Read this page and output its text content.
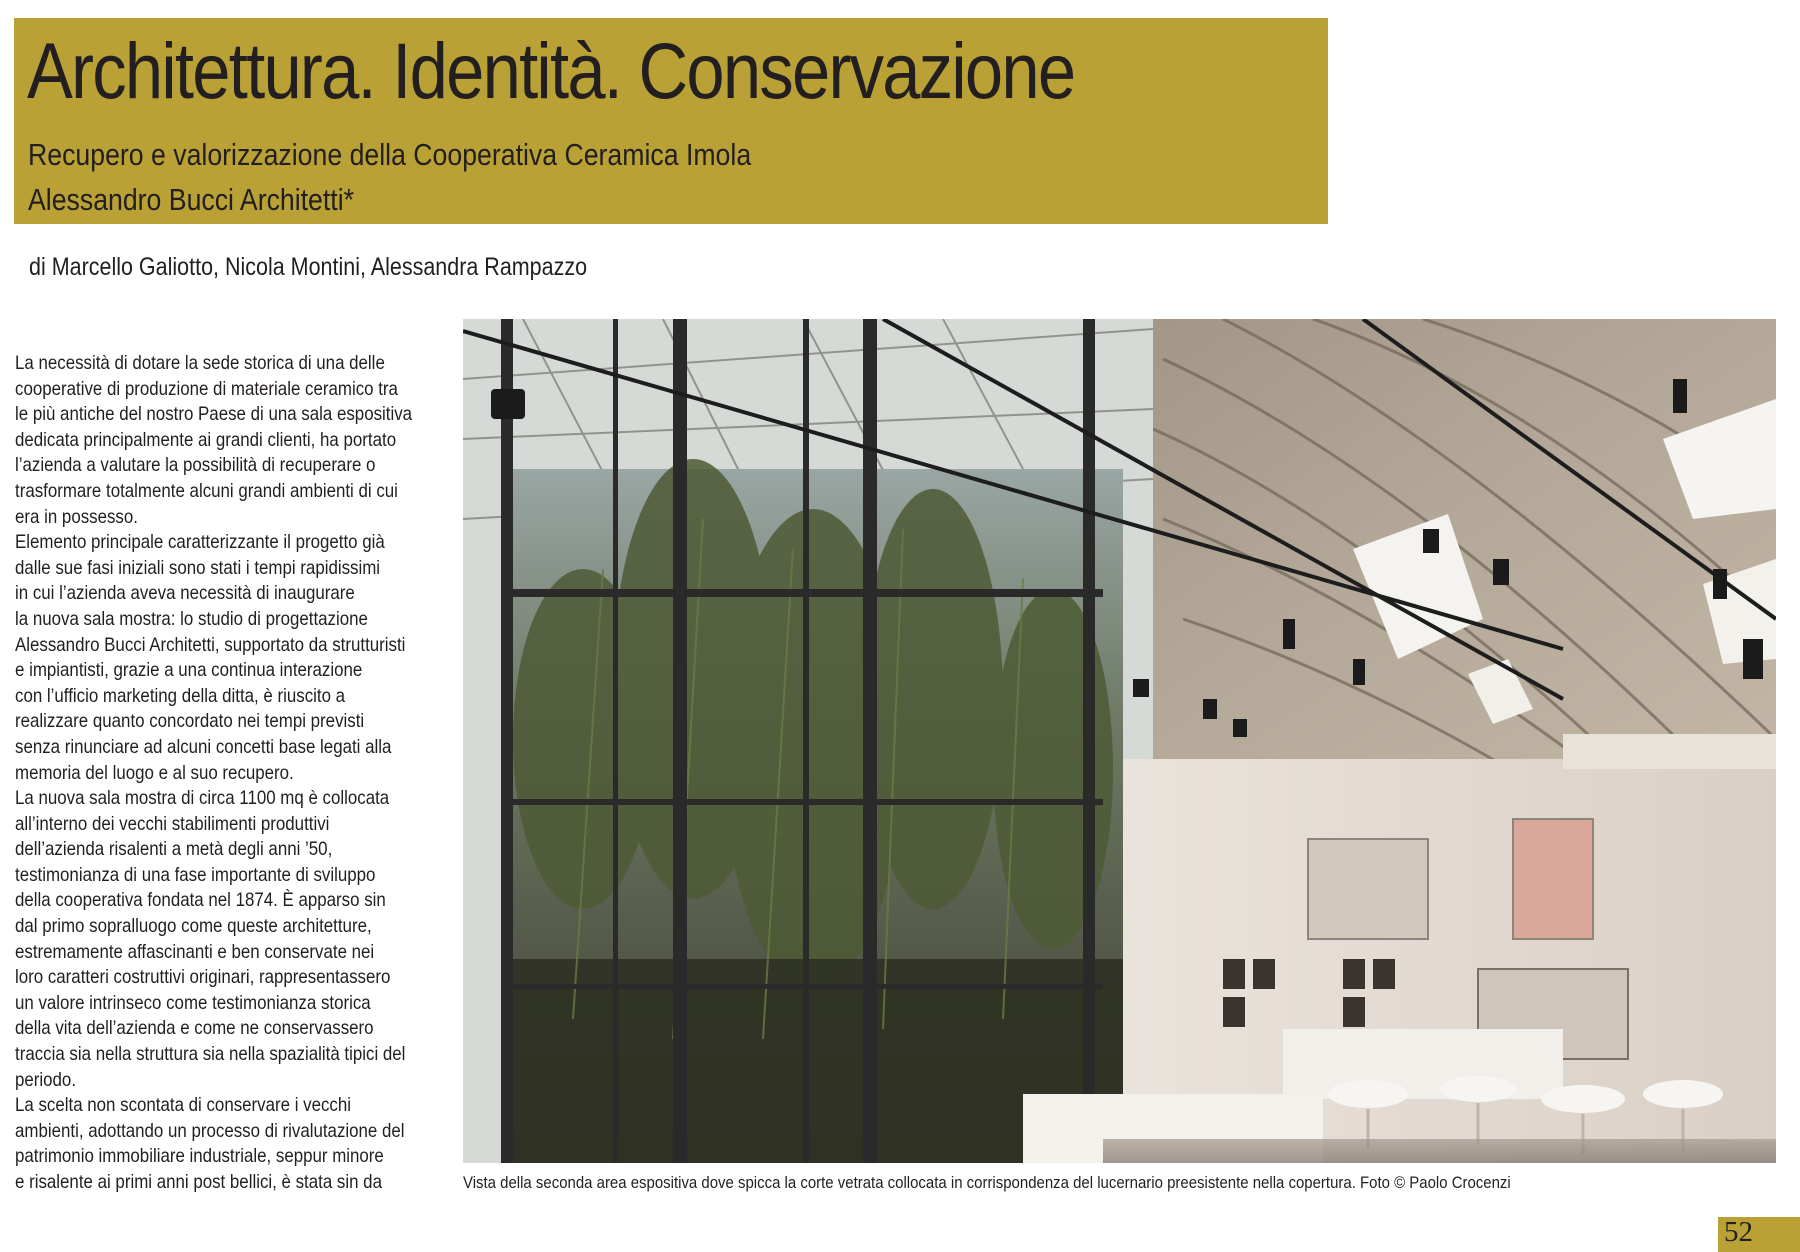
Architettura. Identità. Conservazione

Recupero e valorizzazione della Cooperativa Ceramica Imola

Alessandro Bucci Architetti*

di Marcello Galiotto, Nicola Montini, Alessandra Rampazzo

La necessità di dotare la sede storica di una delle
cooperative di produzione di materiale ceramico tra
le più antiche del nostro Paese di una sala espositiva
dedicata principalmente ai grandi clienti, ha portato
l’azienda a valutare la possibilità di recuperare o
trasformare totalmente alcuni grandi ambienti di cui
era in possesso.
Elemento principale caratterizzante il progetto già
dalle sue fasi iniziali sono stati i tempi rapidissimi
in cui l’azienda aveva necessità di inaugurare
la nuova sala mostra: lo studio di progettazione
Alessandro Bucci Architetti, supportato da strutturisti
e impiantisti, grazie a una continua interazione
con l’ufficio marketing della ditta, è riuscito a
realizzare quanto concordato nei tempi previsti
senza rinunciare ad alcuni concetti base legati alla
memoria del luogo e al suo recupero.
La nuova sala mostra di circa 1100 mq è collocata
all’interno dei vecchi stabilimenti produttivi
dell’azienda risalenti a metà degli anni ’50,
testimonianza di una fase importante di sviluppo
della cooperativa fondata nel 1874. È apparso sin
dal primo sopralluogo come queste architetture,
estremamente affascinanti e ben conservate nei
loro caratteri costruttivi originari, rappresentassero
un valore intrinseco come testimonianza storica
della vita dell’azienda e come ne conservassero
traccia sia nella struttura sia nella spazialità tipici del
periodo.
La scelta non scontata di conservare i vecchi
ambienti, adottando un processo di rivalutazione del
patrimonio immobiliare industriale, seppur minore
e risalente ai primi anni post bellici, è stata sin da	Vista della seconda area espositiva dove spicca la corte vetrata collocata in corrispondenza del lucernario preesistente nella copertura. Foto © Paolo Crocenzi

52
